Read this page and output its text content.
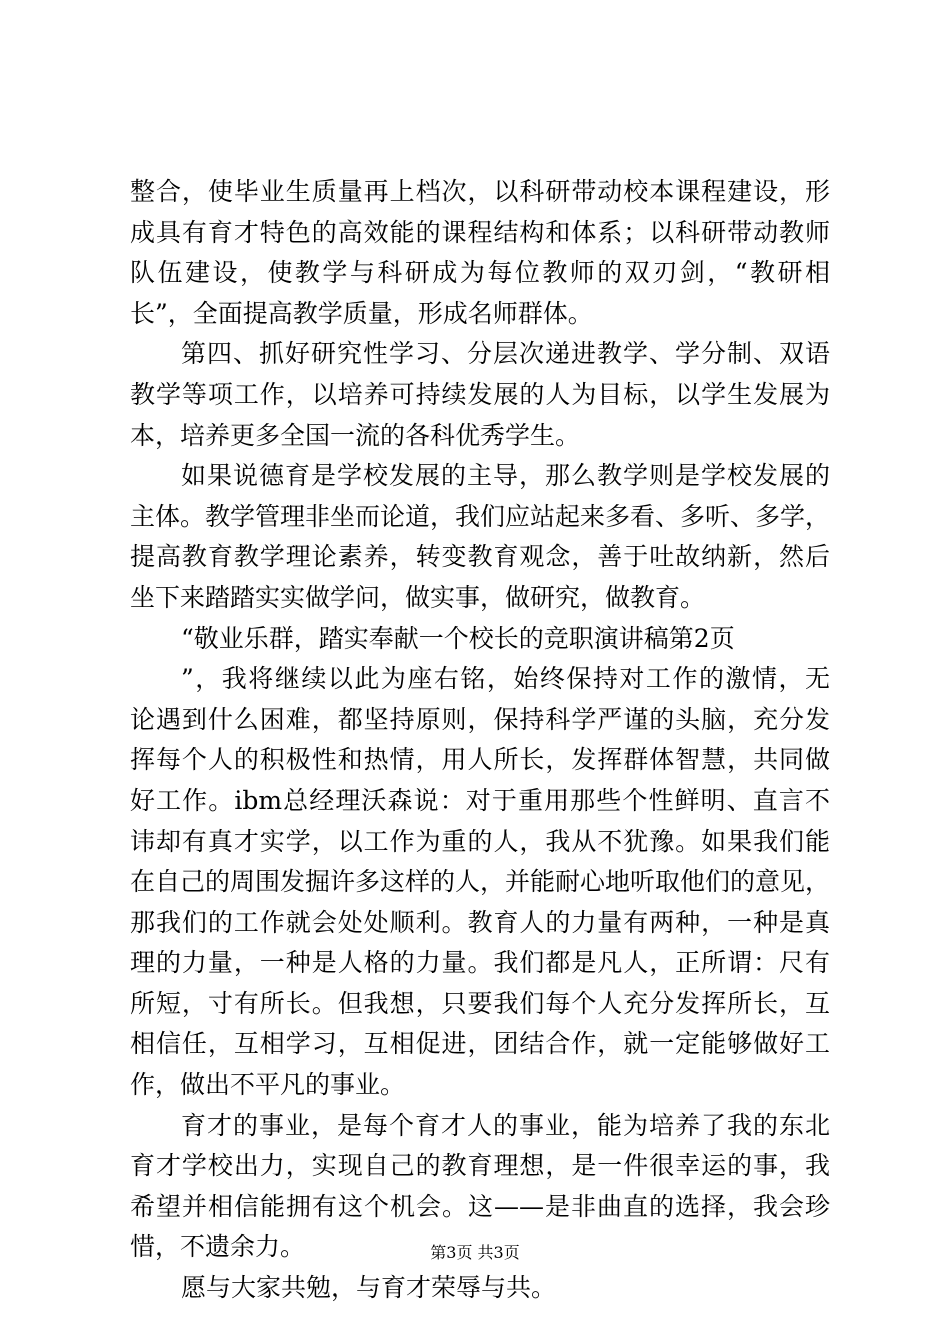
整合，使毕业生质量再上档次，以科研带动校本课程建设，形
成具有育才特色的高效能的课程结构和体系；以科研带动教师
队伍建设，使教学与科研成为每位教师的双刃剑，“教研相
长”，全面提高教学质量，形成名师群体。
第四、抓好研究性学习、分层次递进教学、学分制、双语
教学等项工作，以培养可持续发展的人为目标，以学生发展为
本，培养更多全国一流的各科优秀学生。
如果说德育是学校发展的主导，那么教学则是学校发展的
主体。教学管理非坐而论道，我们应站起来多看、多听、多学，
提高教育教学理论素养，转变教育观念，善于吐故纳新，然后
坐下来踏踏实实做学问，做实事，做研究，做教育。
“敬业乐群，踏实奉献一个校长的竞职演讲稿第2页
”，我将继续以此为座右铭，始终保持对工作的激情，无
论遇到什么困难，都坚持原则，保持科学严谨的头脑，充分发
挥每个人的积极性和热情，用人所长，发挥群体智慧，共同做
好工作。ibm总经理沃森说：对于重用那些个性鲜明、直言不
讳却有真才实学，以工作为重的人，我从不犹豫。如果我们能
在自己的周围发掘许多这样的人，并能耐心地听取他们的意见，
那我们的工作就会处处顺利。教育人的力量有两种，一种是真
理的力量，一种是人格的力量。我们都是凡人，正所谓：尺有
所短，寸有所长。但我想，只要我们每个人充分发挥所长，互
相信任，互相学习，互相促进，团结合作，就一定能够做好工
作，做出不平凡的事业。
育才的事业，是每个育才人的事业，能为培养了我的东北
育才学校出力，实现自己的教育理想，是一件很幸运的事，我
希望并相信能拥有这个机会。这——是非曲直的选择，我会珍
惜，不遗余力。
愿与大家共勉，与育才荣辱与共。
第3页 共3页
